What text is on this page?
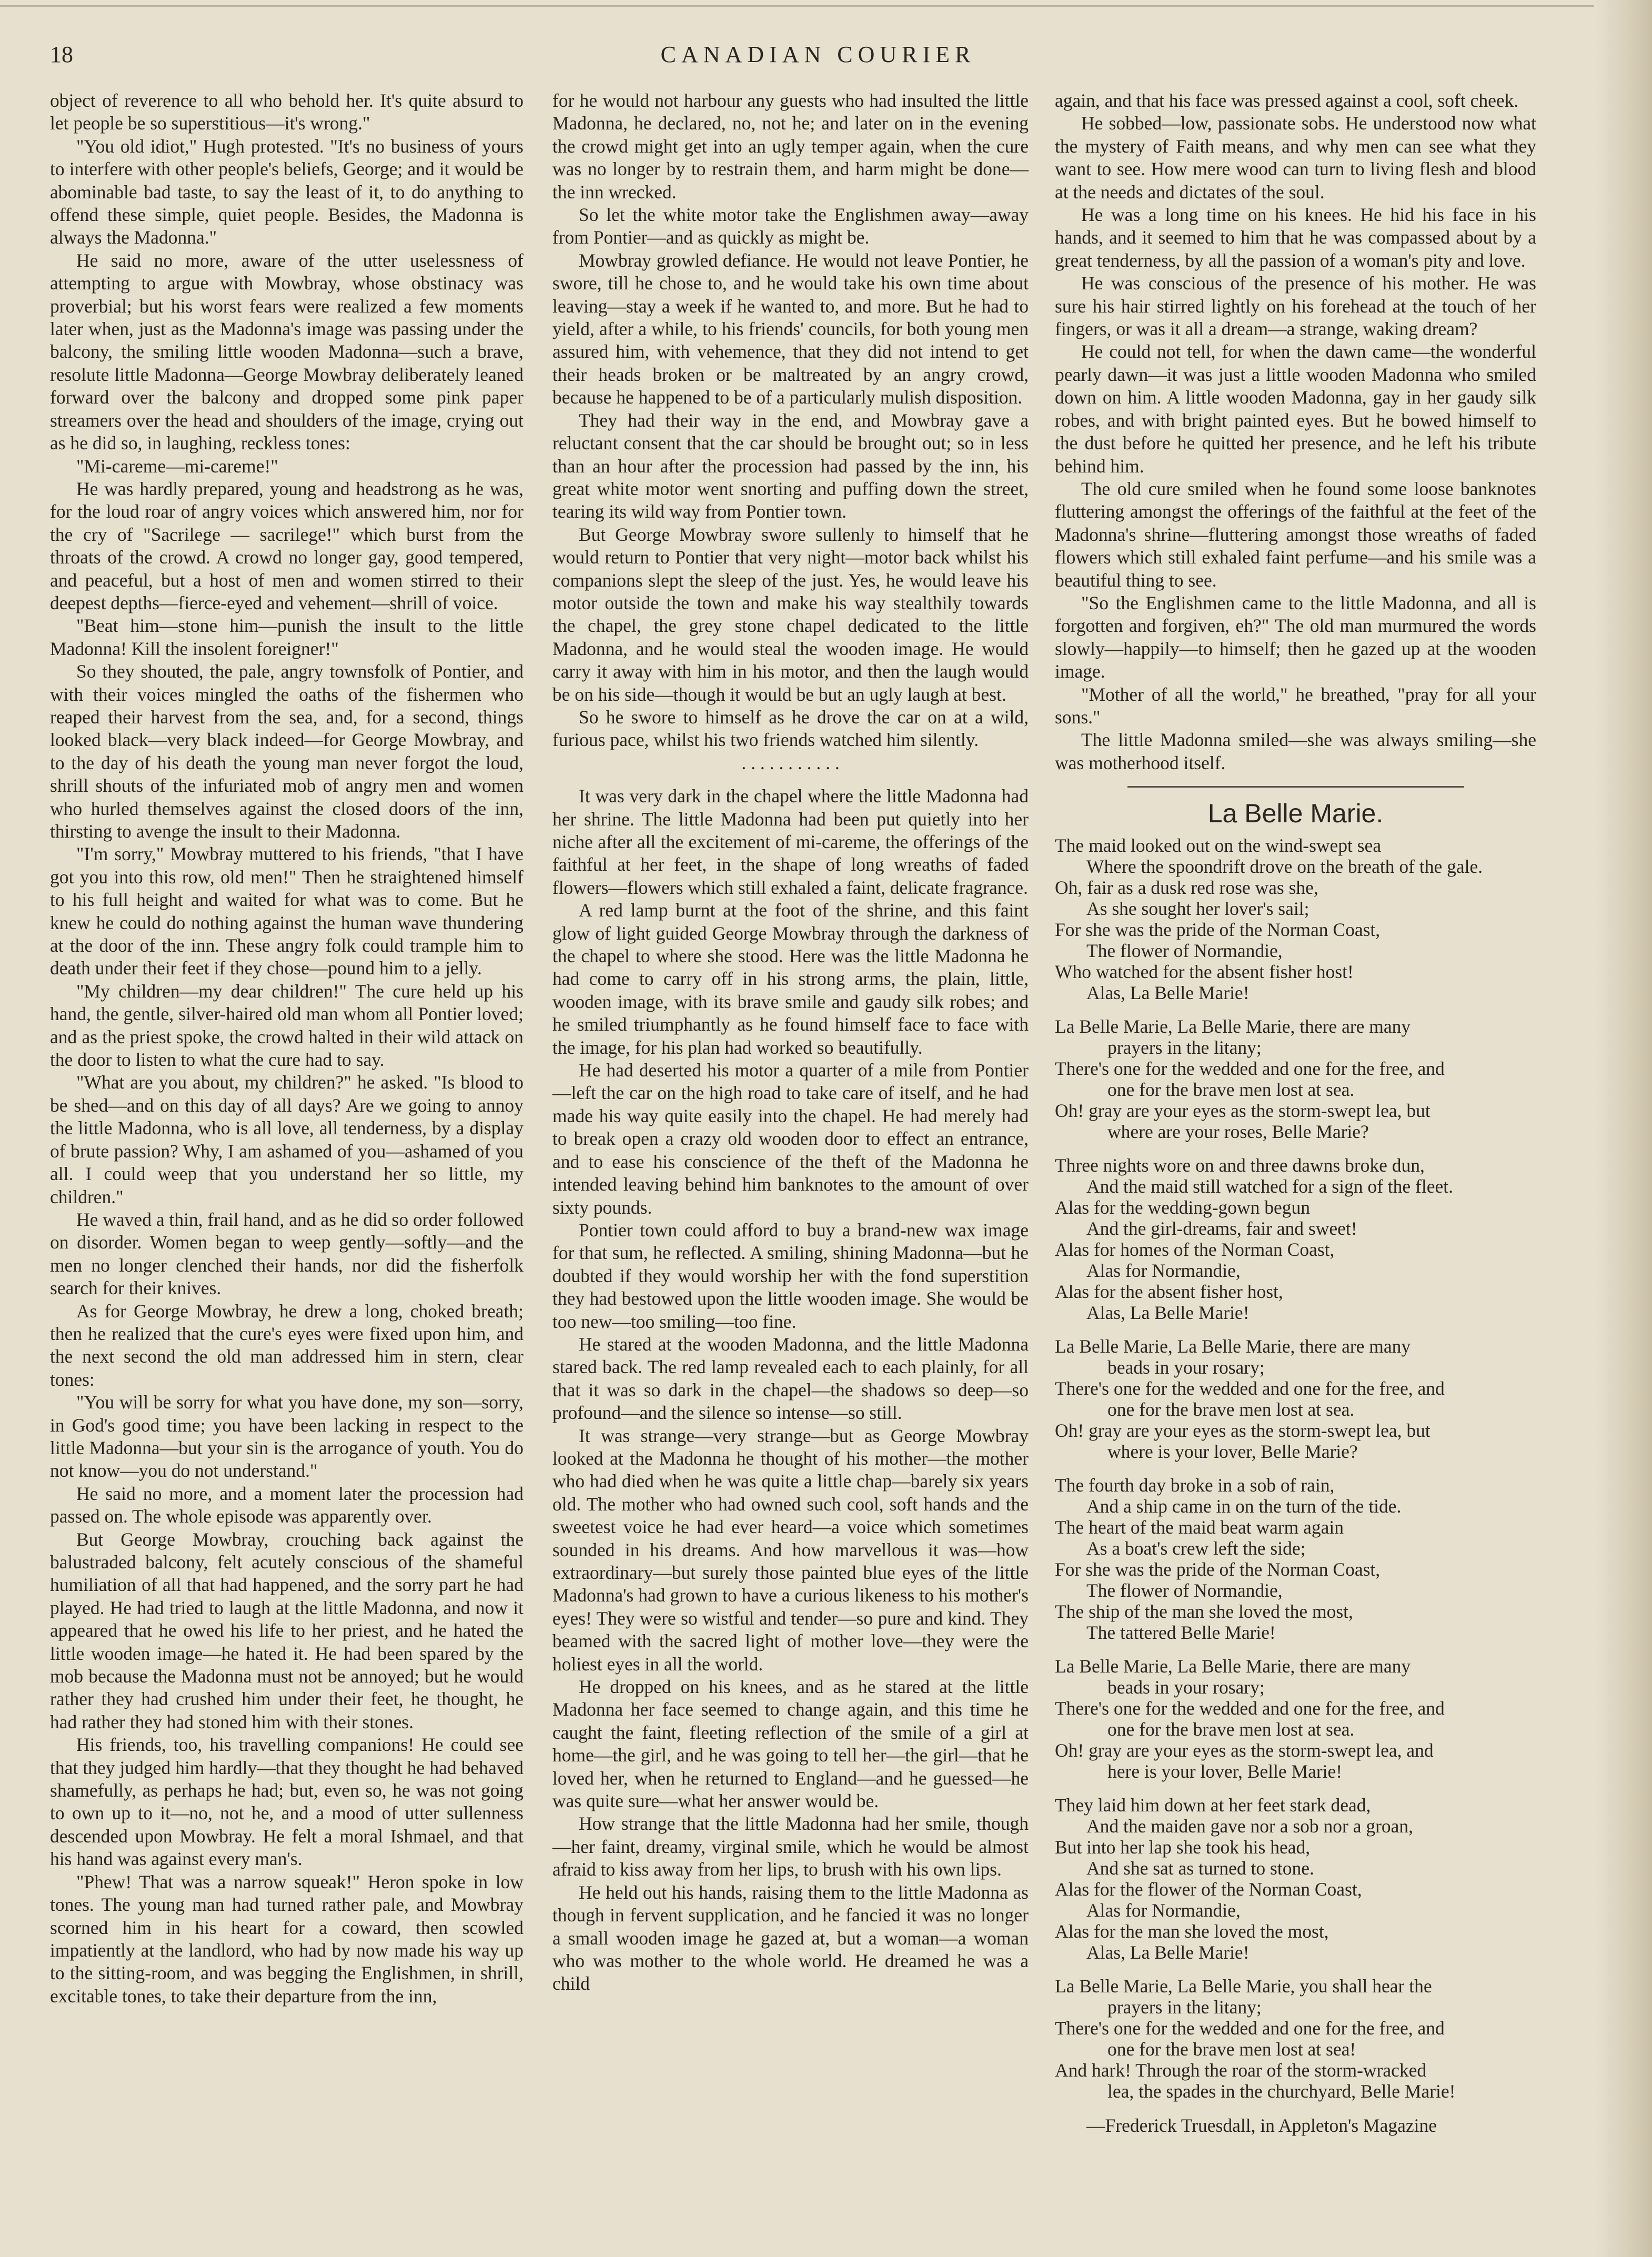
18	CANADIAN COURIER

object of reverence to all who behold her. It's quite absurd to let people be so superstitious—it's wrong."

"You old idiot," Hugh protested. "It's no business of yours to interfere with other people's beliefs, George; and it would be abominable bad taste, to say the least of it, to do anything to offend these simple, quiet people. Besides, the Madonna is always the Madonna."

He said no more, aware of the utter uselessness of attempting to argue with Mowbray, whose obstinacy was proverbial; but his worst fears were realized a few moments later when, just as the Madonna's image was passing under the balcony, the smiling little wooden Madonna—such a brave, resolute little Madonna—George Mowbray deliberately leaned forward over the balcony and dropped some pink paper streamers over the head and shoulders of the image, crying out as he did so, in laughing, reckless tones:

"Mi-careme—mi-careme!"

He was hardly prepared, young and headstrong as he was, for the loud roar of angry voices which answered him, nor for the cry of "Sacrilege — sacrilege!" which burst from the throats of the crowd. A crowd no longer gay, good tempered, and peaceful, but a host of men and women stirred to their deepest depths—fierce-eyed and vehement—shrill of voice.

"Beat him—stone him—punish the insult to the little Madonna! Kill the insolent foreigner!"

So they shouted, the pale, angry townsfolk of Pontier, and with their voices mingled the oaths of the fishermen who reaped their harvest from the sea, and, for a second, things looked black—very black indeed—for George Mowbray, and to the day of his death the young man never forgot the loud, shrill shouts of the infuriated mob of angry men and women who hurled themselves against the closed doors of the inn, thirsting to avenge the insult to their Madonna.

"I'm sorry," Mowbray muttered to his friends, "that I have got you into this row, old men!" Then he straightened himself to his full height and waited for what was to come. But he knew he could do nothing against the human wave thundering at the door of the inn. These angry folk could trample him to death under their feet if they chose—pound him to a jelly.

"My children—my dear children!" The cure held up his hand, the gentle, silver-haired old man whom all Pontier loved; and as the priest spoke, the crowd halted in their wild attack on the door to listen to what the cure had to say.

"What are you about, my children?" he asked. "Is blood to be shed—and on this day of all days? Are we going to annoy the little Madonna, who is all love, all tenderness, by a display of brute passion? Why, I am ashamed of you—ashamed of you all. I could weep that you understand her so little, my children."

He waved a thin, frail hand, and as he did so order followed on disorder. Women began to weep gently—softly—and the men no longer clenched their hands, nor did the fisherfolk search for their knives.

As for George Mowbray, he drew a long, choked breath; then he realized that the cure's eyes were fixed upon him, and the next second the old man addressed him in stern, clear tones:

"You will be sorry for what you have done, my son—sorry, in God's good time; you have been lacking in respect to the little Madonna—but your sin is the arrogance of youth. You do not know—you do not understand."

He said no more, and a moment later the procession had passed on. The whole episode was apparently over.

But George Mowbray, crouching back against the balustraded balcony, felt acutely conscious of the shameful humiliation of all that had happened, and the sorry part he had played. He had tried to laugh at the little Madonna, and now it appeared that he owed his life to her priest, and he hated the little wooden image—he hated it. He had been spared by the mob because the Madonna must not be annoyed; but he would rather they had crushed him under their feet, he thought, he had rather they had stoned him with their stones.

His friends, too, his travelling companions! He could see that they judged him hardly—that they thought he had behaved shamefully, as perhaps he had; but, even so, he was not going to own up to it—no, not he, and a mood of utter sullenness descended upon Mowbray. He felt a moral Ishmael, and that his hand was against every man's.

"Phew! That was a narrow squeak!" Heron spoke in low tones. The young man had turned rather pale, and Mowbray scorned him in his heart for a coward, then scowled impatiently at the landlord, who had by now made his way up to the sitting-room, and was begging the Englishmen, in shrill, excitable tones, to take their departure from the inn,

for he would not harbour any guests who had insulted the little Madonna, he declared, no, not he; and later on in the evening the crowd might get into an ugly temper again, when the cure was no longer by to restrain them, and harm might be done—the inn wrecked.

So let the white motor take the Englishmen away—away from Pontier—and as quickly as might be.

Mowbray growled defiance. He would not leave Pontier, he swore, till he chose to, and he would take his own time about leaving—stay a week if he wanted to, and more. But he had to yield, after a while, to his friends' councils, for both young men assured him, with vehemence, that they did not intend to get their heads broken or be maltreated by an angry crowd, because he happened to be of a particularly mulish disposition.

They had their way in the end, and Mowbray gave a reluctant consent that the car should be brought out; so in less than an hour after the procession had passed by the inn, his great white motor went snorting and puffing down the street, tearing its wild way from Pontier town.

But George Mowbray swore sullenly to himself that he would return to Pontier that very night—motor back whilst his companions slept the sleep of the just. Yes, he would leave his motor outside the town and make his way stealthily towards the chapel, the grey stone chapel dedicated to the little Madonna, and he would steal the wooden image. He would carry it away with him in his motor, and then the laugh would be on his side—though it would be but an ugly laugh at best.

So he swore to himself as he drove the car on at a wild, furious pace, whilst his two friends watched him silently.

. . . . . . . . . . .

It was very dark in the chapel where the little Madonna had her shrine. The little Madonna had been put quietly into her niche after all the excitement of mi-careme, the offerings of the faithful at her feet, in the shape of long wreaths of faded flowers—flowers which still exhaled a faint, delicate fragrance.

A red lamp burnt at the foot of the shrine, and this faint glow of light guided George Mowbray through the darkness of the chapel to where she stood. Here was the little Madonna he had come to carry off in his strong arms, the plain, little, wooden image, with its brave smile and gaudy silk robes; and he smiled triumphantly as he found himself face to face with the image, for his plan had worked so beautifully.

He had deserted his motor a quarter of a mile from Pontier—left the car on the high road to take care of itself, and he had made his way quite easily into the chapel. He had merely had to break open a crazy old wooden door to effect an entrance, and to ease his conscience of the theft of the Madonna he intended leaving behind him banknotes to the amount of over sixty pounds.

Pontier town could afford to buy a brand-new wax image for that sum, he reflected. A smiling, shining Madonna—but he doubted if they would worship her with the fond superstition they had bestowed upon the little wooden image. She would be too new—too smiling—too fine.

He stared at the wooden Madonna, and the little Madonna stared back. The red lamp revealed each to each plainly, for all that it was so dark in the chapel—the shadows so deep—so profound—and the silence so intense—so still.

It was strange—very strange—but as George Mowbray looked at the Madonna he thought of his mother—the mother who had died when he was quite a little chap—barely six years old. The mother who had owned such cool, soft hands and the sweetest voice he had ever heard—a voice which sometimes sounded in his dreams. And how marvellous it was—how extraordinary—but surely those painted blue eyes of the little Madonna's had grown to have a curious likeness to his mother's eyes! They were so wistful and tender—so pure and kind. They beamed with the sacred light of mother love—they were the holiest eyes in all the world.

He dropped on his knees, and as he stared at the little Madonna her face seemed to change again, and this time he caught the faint, fleeting reflection of the smile of a girl at home—the girl, and he was going to tell her—the girl—that he loved her, when he returned to England—and he guessed—he was quite sure—what her answer would be.

How strange that the little Madonna had her smile, though—her faint, dreamy, virginal smile, which he would be almost afraid to kiss away from her lips, to brush with his own lips.

He held out his hands, raising them to the little Madonna as though in fervent supplication, and he fancied it was no longer a small wooden image he gazed at, but a woman—a woman who was mother to the whole world. He dreamed he was a child

again, and that his face was pressed against a cool, soft cheek.

He sobbed—low, passionate sobs. He understood now what the mystery of Faith means, and why men can see what they want to see. How mere wood can turn to living flesh and blood at the needs and dictates of the soul.

He was a long time on his knees. He hid his face in his hands, and it seemed to him that he was compassed about by a great tenderness, by all the passion of a woman's pity and love.

He was conscious of the presence of his mother. He was sure his hair stirred lightly on his forehead at the touch of her fingers, or was it all a dream—a strange, waking dream?

He could not tell, for when the dawn came—the wonderful pearly dawn—it was just a little wooden Madonna who smiled down on him. A little wooden Madonna, gay in her gaudy silk robes, and with bright painted eyes. But he bowed himself to the dust before he quitted her presence, and he left his tribute behind him.

The old cure smiled when he found some loose banknotes fluttering amongst the offerings of the faithful at the feet of the Madonna's shrine—fluttering amongst those wreaths of faded flowers which still exhaled faint perfume—and his smile was a beautiful thing to see.

"So the Englishmen came to the little Madonna, and all is forgotten and forgiven, eh?" The old man murmured the words slowly—happily—to himself; then he gazed up at the wooden image.

"Mother of all the world," he breathed, "pray for all your sons."

The little Madonna smiled—she was always smiling—she was motherhood itself.

La Belle Marie.
The maid looked out on the wind-swept sea
Where the spoondrift drove on the breath of the gale.
Oh, fair as a dusk red rose was she,
As she sought her lover's sail;
For she was the pride of the Norman Coast,
The flower of Normandie,
Who watched for the absent fisher host!
Alas, La Belle Marie!
La Belle Marie, La Belle Marie, there are many
prayers in the litany;
There's one for the wedded and one for the free, and
one for the brave men lost at sea.
Oh! gray are your eyes as the storm-swept lea, but
where are your roses, Belle Marie?
Three nights wore on and three dawns broke dun,
And the maid still watched for a sign of the fleet.
Alas for the wedding-gown begun
And the girl-dreams, fair and sweet!
Alas for homes of the Norman Coast,
Alas for Normandie,
Alas for the absent fisher host,
Alas, La Belle Marie!
La Belle Marie, La Belle Marie, there are many
beads in your rosary;
There's one for the wedded and one for the free, and
one for the brave men lost at sea.
Oh! gray are your eyes as the storm-swept lea, but
where is your lover, Belle Marie?
The fourth day broke in a sob of rain,
And a ship came in on the turn of the tide.
The heart of the maid beat warm again
As a boat's crew left the side;
For she was the pride of the Norman Coast,
The flower of Normandie,
The ship of the man she loved the most,
The tattered Belle Marie!
La Belle Marie, La Belle Marie, there are many
beads in your rosary;
There's one for the wedded and one for the free, and
one for the brave men lost at sea.
Oh! gray are your eyes as the storm-swept lea, and
here is your lover, Belle Marie!
They laid him down at her feet stark dead,
And the maiden gave nor a sob nor a groan,
But into her lap she took his head,
And she sat as turned to stone.
Alas for the flower of the Norman Coast,
Alas for Normandie,
Alas for the man she loved the most,
Alas, La Belle Marie!
La Belle Marie, La Belle Marie, you shall hear the
prayers in the litany;
There's one for the wedded and one for the free, and
one for the brave men lost at sea!
And hark! Through the roar of the storm-wracked
lea, the spades in the churchyard, Belle Marie!
—Frederick Truesdall, in Appleton's Magazine
